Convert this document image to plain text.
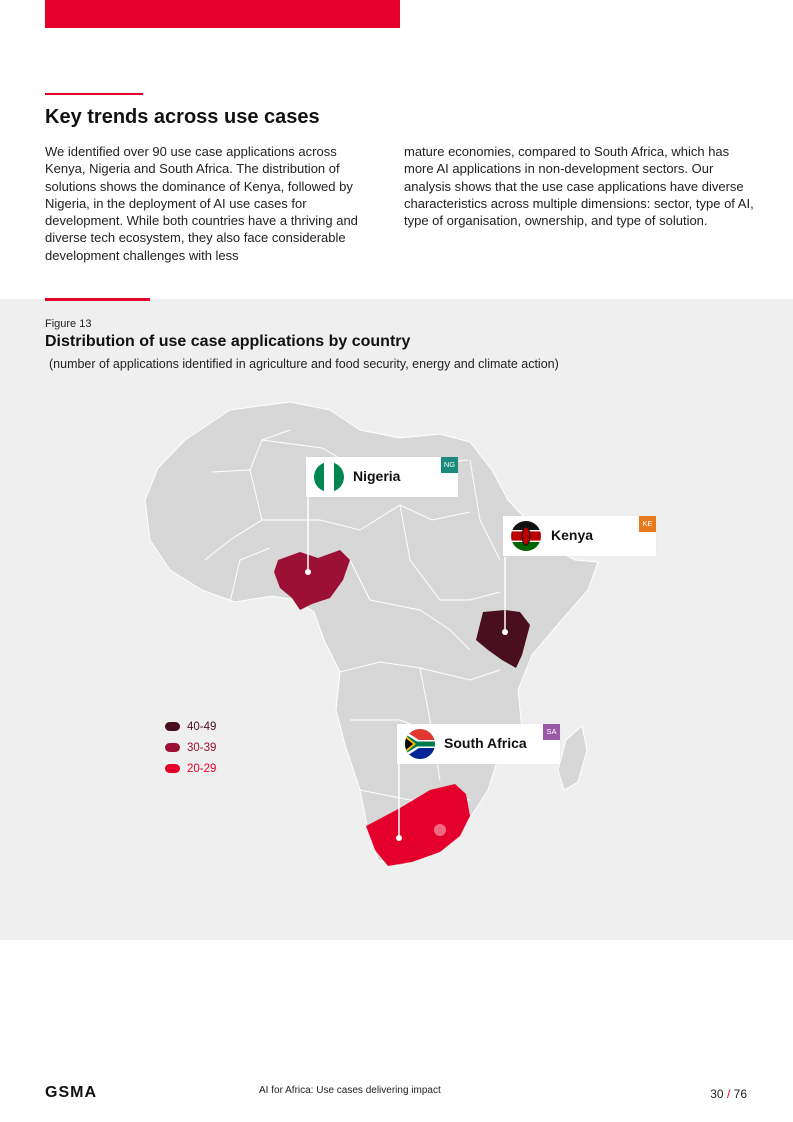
Key trends across use cases

We identified over 90 use case applications across Kenya, Nigeria and South Africa. The distribution of solutions shows the dominance of Kenya, followed by Nigeria, in the deployment of AI use cases for development. While both countries have a thriving and diverse tech ecosystem, they also face considerable development challenges with less

mature economies, compared to South Africa, which has more AI applications in non-development sectors. Our analysis shows that the use case applications have diverse characteristics across multiple dimensions: sector, type of AI, type of organisation, ownership, and type of solution.

Figure 13
Distribution of use case applications by country
(number of applications identified in agriculture and food security, energy and climate action)
Nigeria
NG
Kenya
KE
South Africa
SA
40-49
30-39
20-29
GSMA	AI for Africa: Use cases delivering impact	30 / 76
